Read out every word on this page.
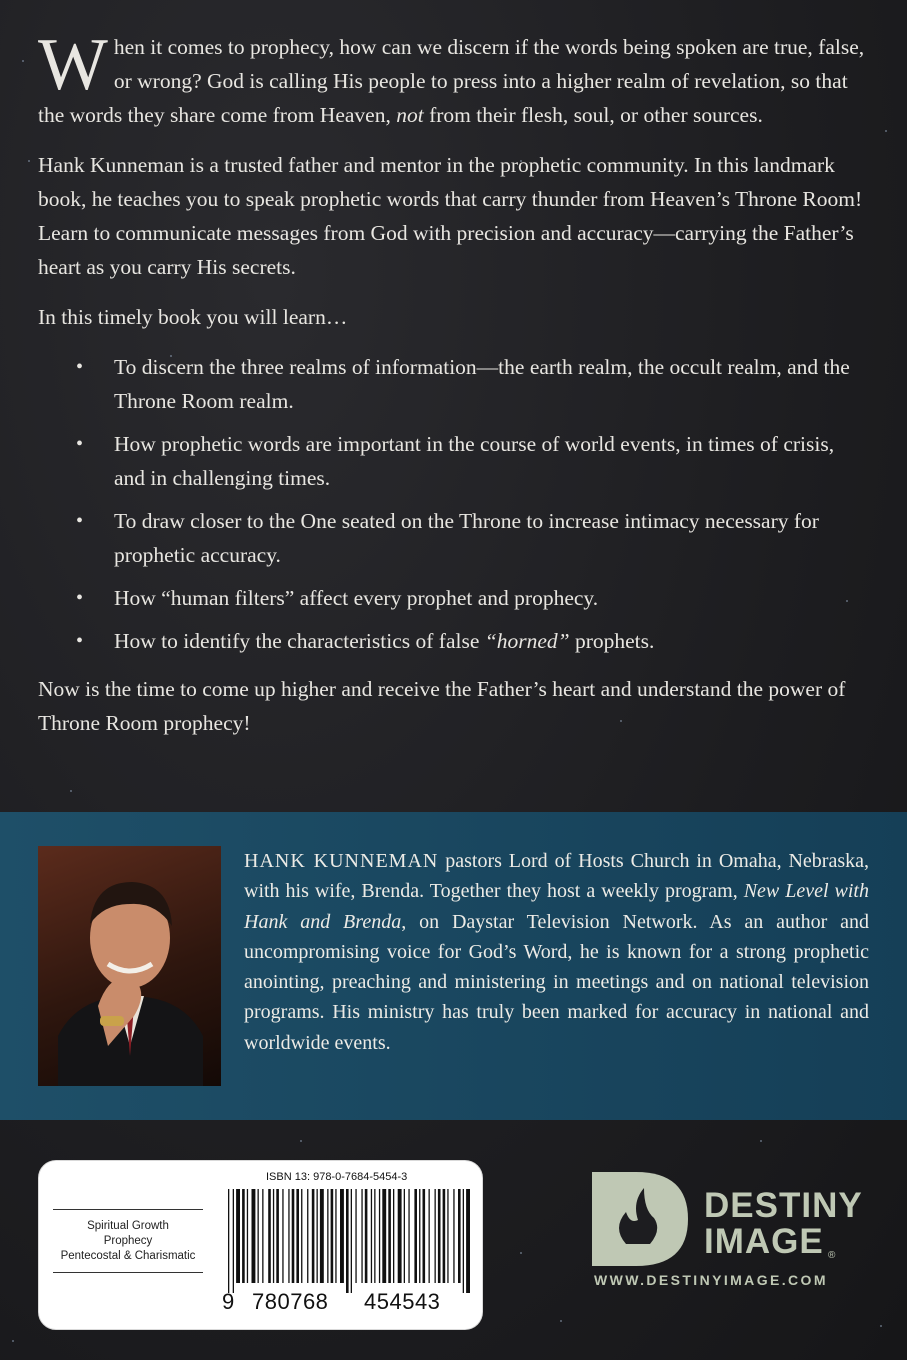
When it comes to prophecy, how can we discern if the words being spoken are true, false, or wrong? God is calling His people to press into a higher realm of revelation, so that the words they share come from Heaven, not from their flesh, soul, or other sources.

Hank Kunneman is a trusted father and mentor in the prophetic community. In this landmark book, he teaches you to speak prophetic words that carry thunder from Heaven’s Throne Room! Learn to communicate messages from God with precision and accuracy—carrying the Father’s heart as you carry His secrets.

In this timely book you will learn…

• To discern the three realms of information—the earth realm, the occult realm, and the Throne Room realm.
• How prophetic words are important in the course of world events, in times of crisis, and in challenging times.
• To draw closer to the One seated on the Throne to increase intimacy necessary for prophetic accuracy.
• How “human filters” affect every prophet and prophecy.
• How to identify the characteristics of false “horned” prophets.

Now is the time to come up higher and receive the Father’s heart and understand the power of Throne Room prophecy!

HANK KUNNEMAN pastors Lord of Hosts Church in Omaha, Nebraska, with his wife, Brenda. Together they host a weekly program, New Level with Hank and Brenda, on Daystar Television Network. As an author and uncompromising voice for God’s Word, he is known for a strong prophetic anointing, preaching and ministering in meetings and on national television programs. His ministry has truly been marked for accuracy in national and worldwide events.
Spiritual Growth
Prophecy
Pentecostal & Charismatic
ISBN 13: 978-0-7684-5454-3
9 780768 454543
DESTINY
IMAGE ®
WWW.DESTINYIMAGE.COM
